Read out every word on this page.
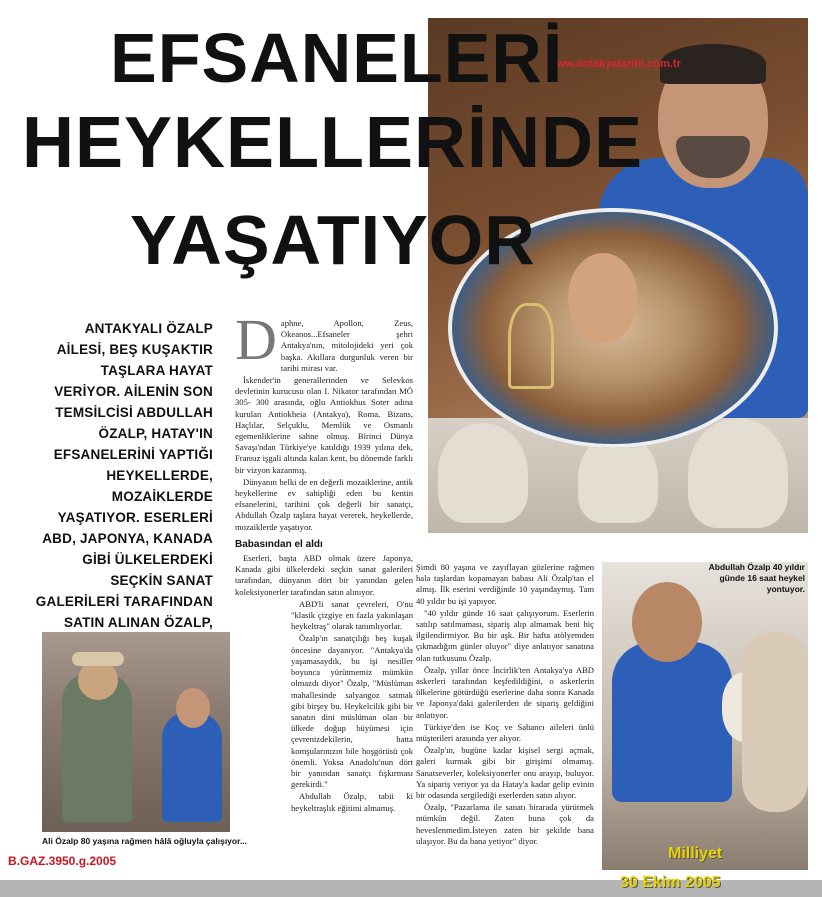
www.antakyatarihi.com.tr
EFSANELERİ
HEYKELLERİNDE
YAŞATIYOR
ANTAKYALI ÖZALP AİLESİ, BEŞ KUŞAKTIR TAŞLARA HAYAT VERİYOR. AİLENİN SON TEMSİLCİSİ ABDULLAH ÖZALP, HATAY'IN EFSANELERİNİ YAPTIĞI HEYKELLERDE, MOZAİKLERDE YAŞATIYOR. ESERLERİ ABD, JAPONYA, KANADA GİBİ ÜLKELERDEKİ SEÇKİN SANAT GALERİLERİ TARAFINDAN SATIN ALINAN ÖZALP,
D aphne, Apollon, Zeus, Okeanos...Efsaneler şehri Antakya'nın, mitolojideki yeri çok başka. Akıllara durgunluk veren bir tarihi mirası var.

İskender'in generallerinden ve Selevkos devletinin kurucusu olan I. Nikator tarafından MÖ 305- 300 arasında, oğlu Antiokhus Soter adına kurulan Antiokheia (Antakya), Roma, Bizans, Haçlılar, Selçuklu, Memlük ve Osmanlı egemenliklerine sahne olmuş. Birinci Dünya Savaşı'ndan Türkiye'ye katıldığı 1939 yılına dek, Fransız işgali altında kalan kent, bu dönemde farklı bir vizyon kazanmış.

Dünyanın belki de en değerli mozaiklerine, antik heykellerine ev sahipliği eden bu kentin efsanelerini, tarihini çok değerli bir sanatçı, Abdullah Özalp taşlara hayat vererek, heykellerde, mozaiklerde yaşatıyor.

Babasından el aldı

Eserleri, başta ABD olmak üzere Japonya, Kanada gibi ülkelerdeki seçkin sanat galerileri tarafından, dünyanın dört bir yanından gelen koleksiyonerler tarafından satın alınıyor.

ABD'li sanat çevreleri, O'nu "klasik çizgiye en fazla yakınlaşan heykeltraş" olarak tanımlıyorlar.

Özalp'ın sanatçılığı beş kuşak öncesine dayanıyor. "Antakya'da yaşamasaydık, bu işi nesiller boyunca yürütmemiz mümkün olmazdı diyor" Özalp, "Müslüman mahallesinde salyangoz satmak gibi birşey bu. Heykelcilik gibi bir sanatın dini müslüman olan bir ülkede doğup büyümesi için çevrenizdekilerin, hatta komşularınızın bile hoşgörüsü çok önemli. Yoksa Anadolu'nun dört bir yanından sanatçı fışkırması gerekirdi."

Abdullah Özalp, tabii ki heykeltraşlık eğitimi almamış.

Şimdi 80 yaşına ve zayıflayan gözlerine rağmen hala taşlardan kopamayan babası Ali Özalp'tan el almış. İlk eserini verdiğinde 10 yaşındaymış. Tam 40 yıldır bu işi yapıyor.

"40 yıldır günde 16 saat çalışıyorum. Eserlerin satılıp satılmaması, sipariş alıp almamak beni hiç ilgilendirmiyor. Bu bir aşk. Bir hafta atölyemden çıkmadığım günler oluyor" diye anlatıyor sanatına olan tutkusunu Özalp.

Özalp, yıllar önce İncirlik'ten Antakya'ya ABD askerleri tarafından keşfedildiğini, o askerlerin ülkelerine götürdüğü eserlerine daha sonra Kanada ve Japonya'daki galerilerden de sipariş geldiğini anlatıyor.

Türkiye'den ise Koç ve Sabancı aileleri ünlü müşterileri arasında yer alıyor.

Özalp'ın, bugüne kadar kişisel sergi açmak, galeri kurmak gibi bir girişimi olmamış. Sanatseverler, koleksiyonerler onu arayıp, buluyor. Ya sipariş veriyor ya da Hatay'a kadar gelip evinin bir odasında sergilediği eserlerden satın alıyor.

Özalp, "Pazarlama ile sanatı birarada yürütmek mümkün değil. Zaten buna çok da heveslenmedim.İsteyen zaten bir şekilde bana ulaşıyor. Bu da bana yetiyor" diyor.

Ali Özalp 80 yaşına rağmen hâlâ oğluyla çalışıyor...
B.GAZ.3950.g.2005
Abdullah Özalp 40 yıldır günde 16 saat heykel yontuyor.
Milliyet
30 Ekim 2005
